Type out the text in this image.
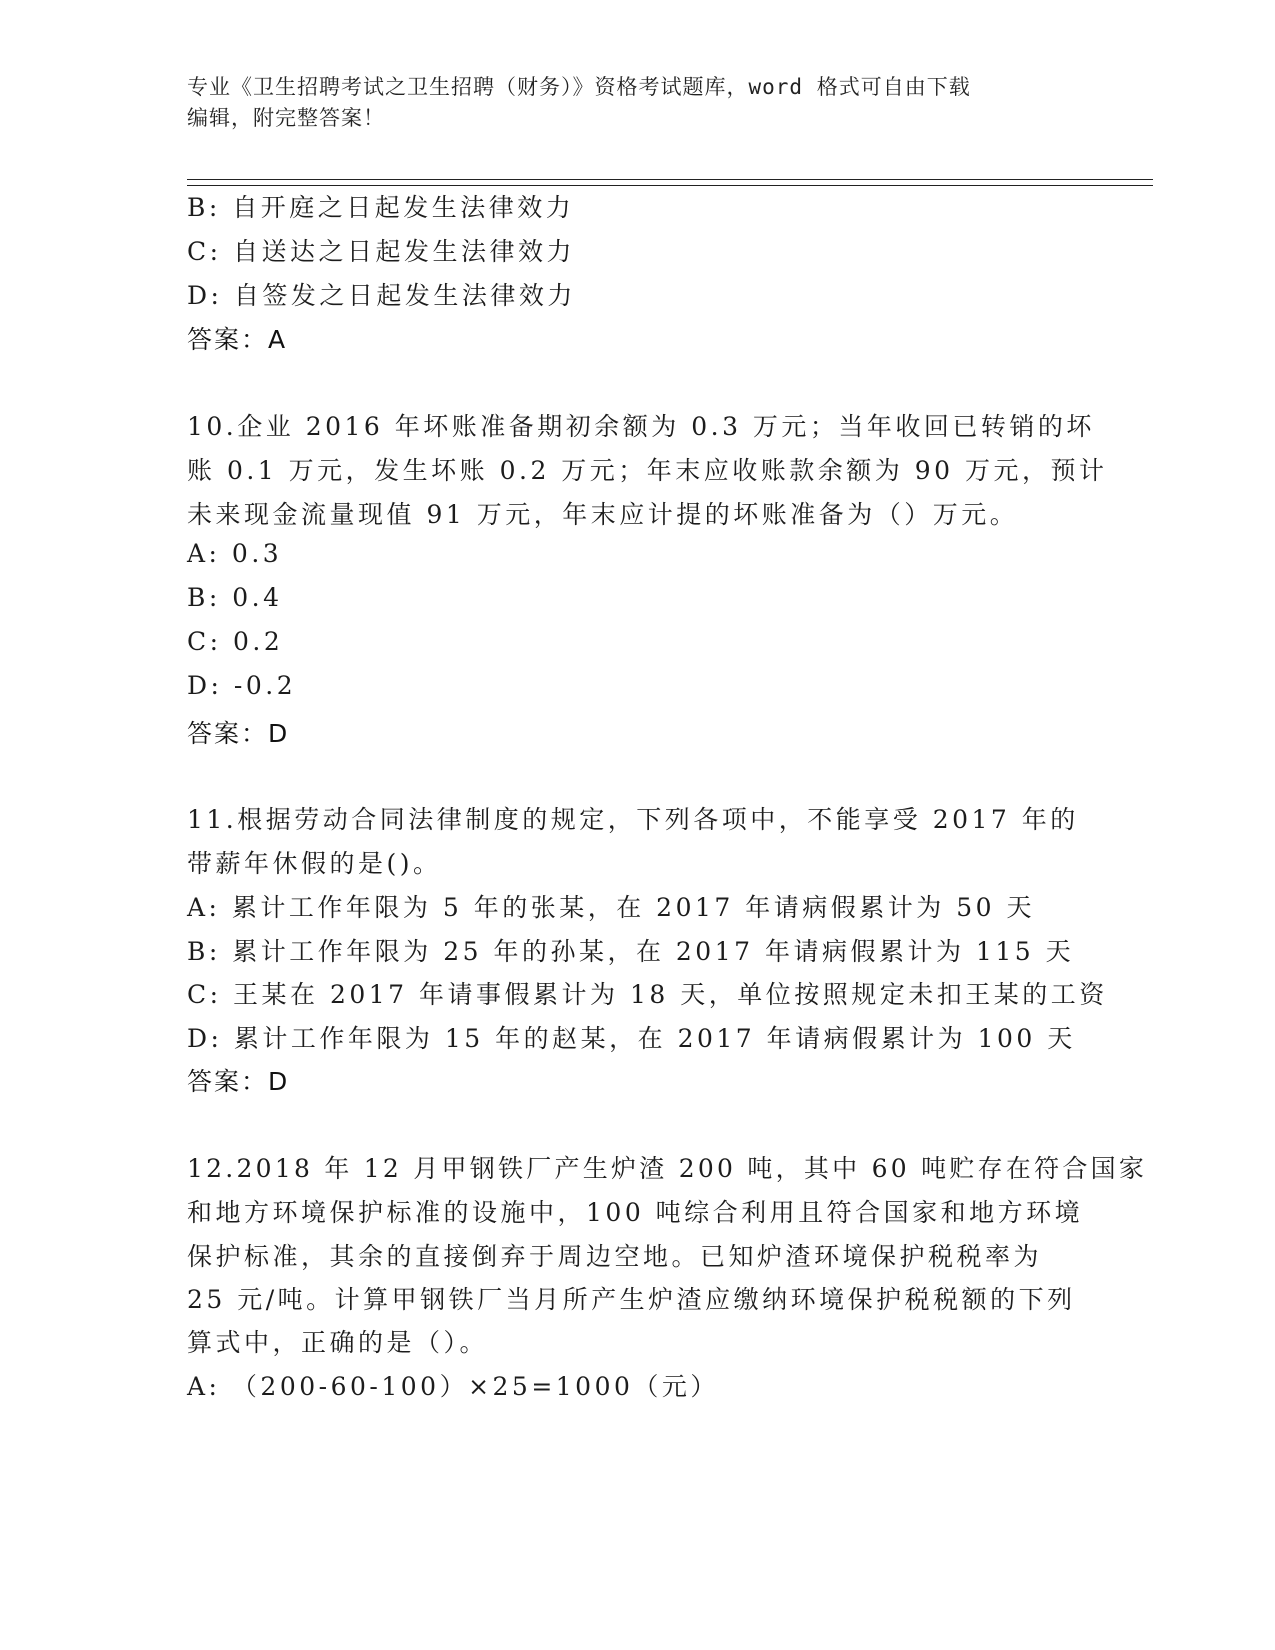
专业《卫生招聘考试之卫生招聘（财务）》资格考试题库，word 格式可自由下载
编辑，附完整答案！
B: 自开庭之日起发生法律效力
C: 自送达之日起发生法律效力
D: 自签发之日起发生法律效力
答案：A
10.企业 2016 年坏账准备期初余额为 0.3 万元；当年收回已转销的坏
账 0.1 万元，发生坏账 0.2 万元；年末应收账款余额为 90 万元，预计
未来现金流量现值 91 万元，年末应计提的坏账准备为（）万元。
A: 0.3
B: 0.4
C: 0.2
D: -0.2
答案：D
11.根据劳动合同法律制度的规定，下列各项中，不能享受 2017 年的
带薪年休假的是()。
A: 累计工作年限为 5 年的张某，在 2017 年请病假累计为 50 天
B: 累计工作年限为 25 年的孙某，在 2017 年请病假累计为 115 天
C: 王某在 2017 年请事假累计为 18 天，单位按照规定未扣王某的工资
D: 累计工作年限为 15 年的赵某，在 2017 年请病假累计为 100 天
答案：D
12.2018 年 12 月甲钢铁厂产生炉渣 200 吨，其中 60 吨贮存在符合国家
和地方环境保护标准的设施中，100 吨综合利用且符合国家和地方环境
保护标准，其余的直接倒弃于周边空地。已知炉渣环境保护税税率为
25 元/吨。计算甲钢铁厂当月所产生炉渣应缴纳环境保护税税额的下列
算式中，正确的是（）。
A: （200-60-100）×25=1000（元）
